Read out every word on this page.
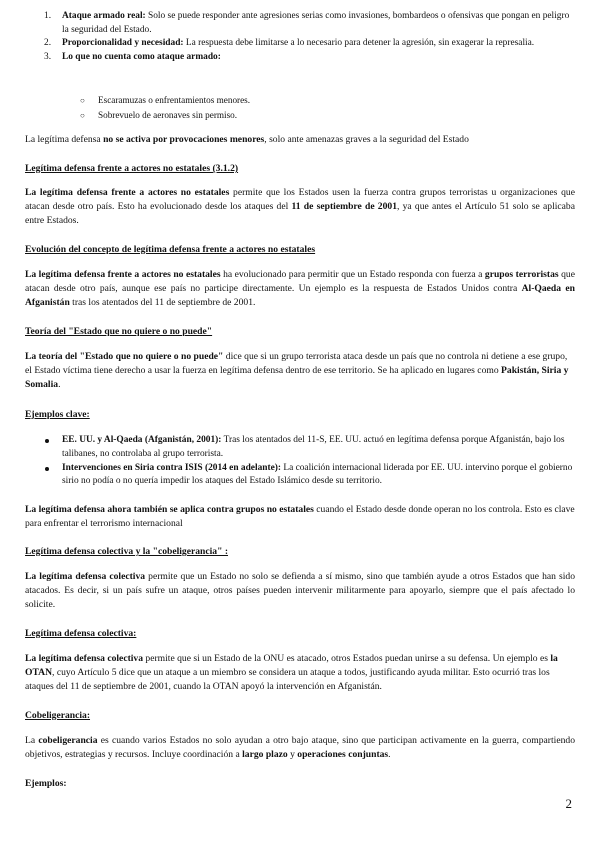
1. Ataque armado real: Solo se puede responder ante agresiones serias como invasiones, bombardeos o ofensivas que pongan en peligro la seguridad del Estado.
2. Proporcionalidad y necesidad: La respuesta debe limitarse a lo necesario para detener la agresión, sin exagerar la represalia.
3. Lo que no cuenta como ataque armado:
○ Escaramuzas o enfrentamientos menores.
○ Sobrevuelo de aeronaves sin permiso.

La legítima defensa no se activa por provocaciones menores, solo ante amenazas graves a la seguridad del Estado

Legítima defensa frente a actores no estatales (3.1.2)

La legítima defensa frente a actores no estatales permite que los Estados usen la fuerza contra grupos terroristas u organizaciones que atacan desde otro país. Esto ha evolucionado desde los ataques del 11 de septiembre de 2001, ya que antes el Artículo 51 solo se aplicaba entre Estados.

Evolución del concepto de legítima defensa frente a actores no estatales

La legítima defensa frente a actores no estatales ha evolucionado para permitir que un Estado responda con fuerza a grupos terroristas que atacan desde otro país, aunque ese país no participe directamente. Un ejemplo es la respuesta de Estados Unidos contra Al-Qaeda en Afganistán tras los atentados del 11 de septiembre de 2001.

Teoría del "Estado que no quiere o no puede"

La teoría del "Estado que no quiere o no puede" dice que si un grupo terrorista ataca desde un país que no controla ni detiene a ese grupo, el Estado víctima tiene derecho a usar la fuerza en legítima defensa dentro de ese territorio. Se ha aplicado en lugares como Pakistán, Siria y Somalia.

Ejemplos clave:

EE. UU. y Al-Qaeda (Afganistán, 2001): Tras los atentados del 11-S, EE. UU. actuó en legítima defensa porque Afganistán, bajo los talibanes, no controlaba al grupo terrorista.
Intervenciones en Siria contra ISIS (2014 en adelante): La coalición internacional liderada por EE. UU. intervino porque el gobierno sirio no podía o no quería impedir los ataques del Estado Islámico desde su territorio.

La legítima defensa ahora también se aplica contra grupos no estatales cuando el Estado desde donde operan no los controla. Esto es clave para enfrentar el terrorismo internacional

Legítima defensa colectiva y la "cobeligerancia" :

La legítima defensa colectiva permite que un Estado no solo se defienda a sí mismo, sino que también ayude a otros Estados que han sido atacados. Es decir, si un país sufre un ataque, otros países pueden intervenir militarmente para apoyarlo, siempre que el país afectado lo solicite.

Legítima defensa colectiva:

La legítima defensa colectiva permite que si un Estado de la ONU es atacado, otros Estados puedan unirse a su defensa. Un ejemplo es la OTAN, cuyo Artículo 5 dice que un ataque a un miembro se considera un ataque a todos, justificando ayuda militar. Esto ocurrió tras los ataques del 11 de septiembre de 2001, cuando la OTAN apoyó la intervención en Afganistán.

Cobeligerancia:

La cobeligerancia es cuando varios Estados no solo ayudan a otro bajo ataque, sino que participan activamente en la guerra, compartiendo objetivos, estrategias y recursos. Incluye coordinación a largo plazo y operaciones conjuntas.

Ejemplos:

2
